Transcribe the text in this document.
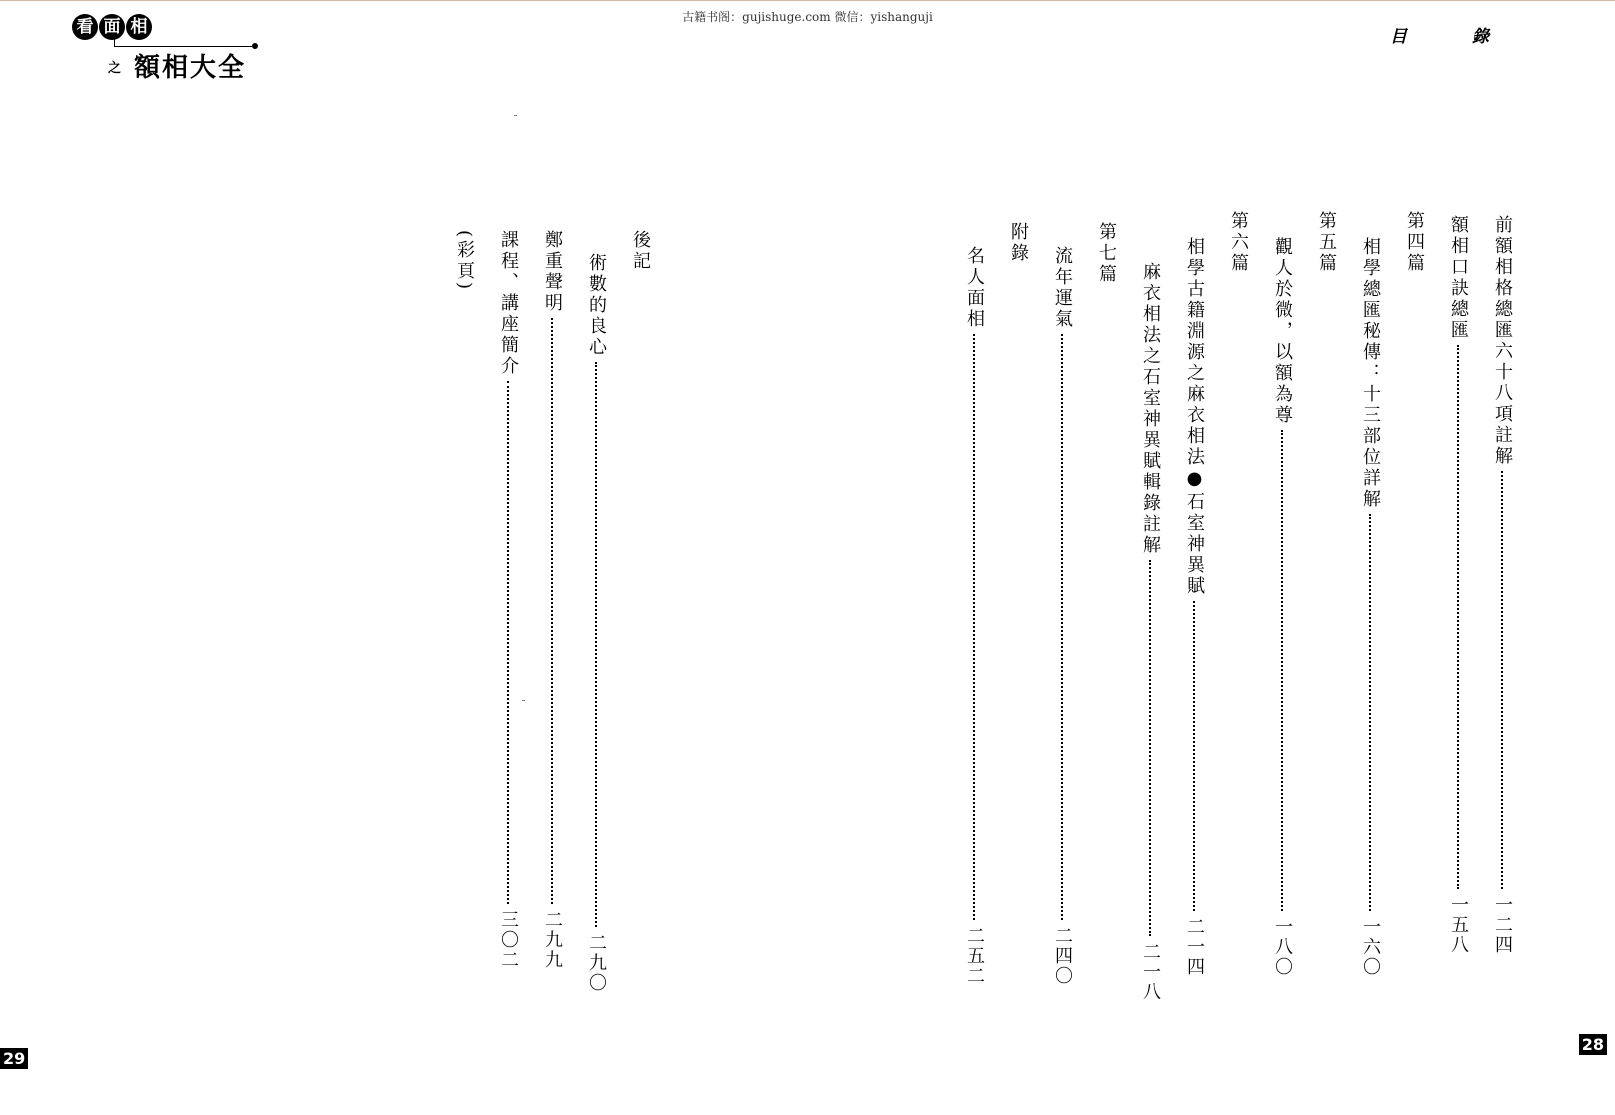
古籍书阁：gujishuge.com 微信：yishanguji
看 面 相
之 額相大全
目　錄
前額相格總匯六十八項註解
一二四
額相口訣總匯
一五八
第四篇
相學總匯秘傳：十三部位詳解
一六〇
第五篇
觀人於微，以額為尊
一八〇
第六篇
相學古籍淵源之麻衣相法●石室神異賦
二一四
麻衣相法之石室神異賦輯錄註解
二一八
第七篇
流年運氣
二四〇
附錄
名人面相
二五二
後記
術數的良心
二九〇
鄭重聲明
二九九
課程、講座簡介
三〇二
(彩頁)
29
28
